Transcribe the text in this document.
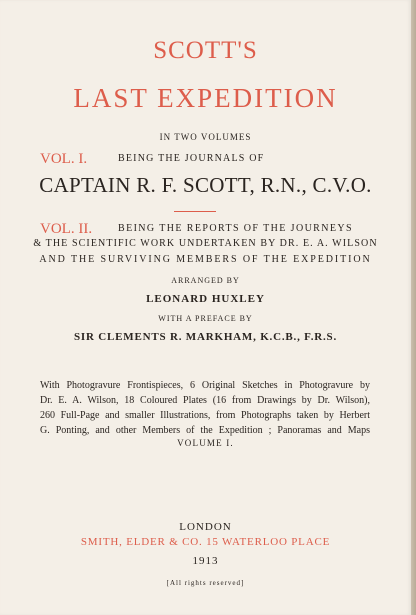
SCOTT'S
LAST EXPEDITION
IN TWO VOLUMES
VOL. I.	BEING THE JOURNALS OF
CAPTAIN R. F. SCOTT, R.N., C.V.O.
VOL. II.	BEING THE REPORTS OF THE JOURNEYS
& THE SCIENTIFIC WORK UNDERTAKEN BY DR. E. A. WILSON
AND THE SURVIVING MEMBERS OF THE EXPEDITION
ARRANGED BY
LEONARD HUXLEY
WITH A PREFACE BY
SIR CLEMENTS R. MARKHAM, K.C.B., F.R.S.
With Photogravure Frontispieces, 6 Original Sketches in Photogravure by
Dr. E. A. Wilson, 18 Coloured Plates (16 from Drawings by Dr. Wilson),
260 Full-Page and smaller Illustrations, from Photographs taken by Herbert
G. Ponting, and other Members of the Expedition ; Panoramas and Maps
VOLUME I.
LONDON
SMITH, ELDER & CO. 15 WATERLOO PLACE
1913
[All rights reserved]
